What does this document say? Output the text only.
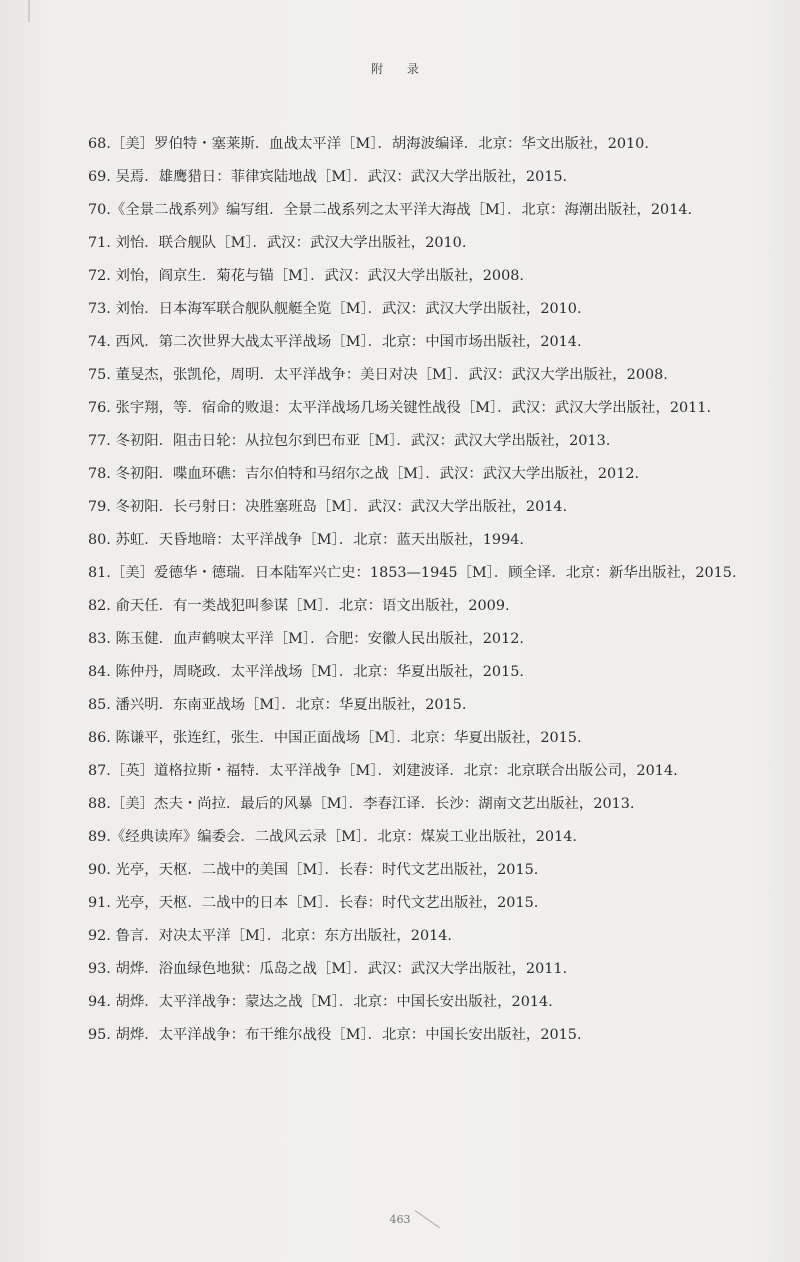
附 录
68.［美］罗伯特・塞莱斯．血战太平洋［M］．胡海波编译．北京：华文出版社，2010.
69. 吴焉．雄鹰猎日：菲律宾陆地战［M］．武汉：武汉大学出版社，2015.
70.《全景二战系列》编写组．全景二战系列之太平洋大海战［M］．北京：海潮出版社，2014.
71. 刘怡．联合舰队［M］．武汉：武汉大学出版社，2010.
72. 刘怡，阎京生．菊花与锚［M］．武汉：武汉大学出版社，2008.
73. 刘怡．日本海军联合舰队舰艇全览［M］．武汉：武汉大学出版社，2010.
74. 西风．第二次世界大战太平洋战场［M］．北京：中国市场出版社，2014.
75. 董旻杰，张凯伦，周明．太平洋战争：美日对决［M］．武汉：武汉大学出版社，2008.
76. 张宇翔，等．宿命的败退：太平洋战场几场关键性战役［M］．武汉：武汉大学出版社，2011.
77. 冬初阳．阻击日轮：从拉包尔到巴布亚［M］．武汉：武汉大学出版社，2013.
78. 冬初阳．喋血环礁：吉尔伯特和马绍尔之战［M］．武汉：武汉大学出版社，2012.
79. 冬初阳．长弓射日：决胜塞班岛［M］．武汉：武汉大学出版社，2014.
80. 苏虹．天昏地暗：太平洋战争［M］．北京：蓝天出版社，1994.
81.［美］爱德华・德瑞．日本陆军兴亡史：1853—1945［M］．顾全译．北京：新华出版社，2015.
82. 俞天任．有一类战犯叫参谋［M］．北京：语文出版社，2009.
83. 陈玉健．血声鹤唳太平洋［M］．合肥：安徽人民出版社，2012.
84. 陈仲丹，周晓政．太平洋战场［M］．北京：华夏出版社，2015.
85. 潘兴明．东南亚战场［M］．北京：华夏出版社，2015.
86. 陈谦平，张连红，张生．中国正面战场［M］．北京：华夏出版社，2015.
87.［英］道格拉斯・福特．太平洋战争［M］．刘建波译．北京：北京联合出版公司，2014.
88.［美］杰夫・尚拉．最后的风暴［M］．李春江译．长沙：湖南文艺出版社，2013.
89.《经典读库》编委会．二战风云录［M］．北京：煤炭工业出版社，2014.
90. 光亭，天枢．二战中的美国［M］．长春：时代文艺出版社，2015.
91. 光亭，天枢．二战中的日本［M］．长春：时代文艺出版社，2015.
92. 鲁言．对决太平洋［M］．北京：东方出版社，2014.
93. 胡烨．浴血绿色地狱：瓜岛之战［M］．武汉：武汉大学出版社，2011.
94. 胡烨．太平洋战争：蒙达之战［M］．北京：中国长安出版社，2014.
95. 胡烨．太平洋战争：布干维尔战役［M］．北京：中国长安出版社，2015.
463
